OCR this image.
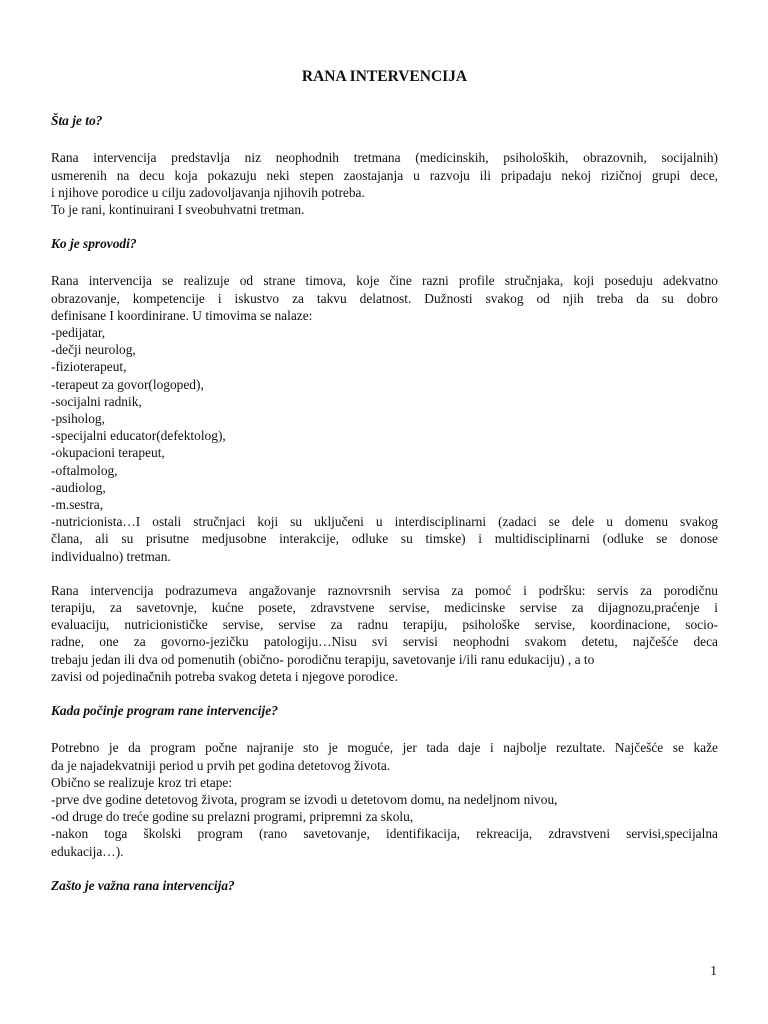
RANA INTERVENCIJA
Šta je to?
Rana intervencija predstavlja niz neophodnih tretmana (medicinskih, psiholoških, obrazovnih, socijalnih)
usmerenih na decu koja pokazuju neki stepen zaostajanja u razvoju ili pripadaju nekoj rizičnoj grupi dece,
i njihove porodice u cilju zadovoljavanja njihovih potreba.
To je rani, kontinuirani I sveobuhvatni tretman.
Ko je sprovodi?
Rana intervencija se realizuje od strane timova, koje čine razni profile stručnjaka, koji poseduju adekvatno
obrazovanje, kompetencije i iskustvo za takvu delatnost. Dužnosti svakog od njih treba da su dobro
definisane I koordinirane. U timovima se nalaze:
-pedijatar,
-dečji neurolog,
-fizioterapeut,
-terapeut za govor(logoped),
-socijalni radnik,
-psiholog,
-specijalni educator(defektolog),
-okupacioni terapeut,
-oftalmolog,
-audiolog,
-m.sestra,
-nutricionista…I ostali stručnjaci koji su uključeni u interdisciplinarni (zadaci se dele u domenu svakog
člana, ali su prisutne medjusobne interakcije, odluke su timske) i multidisciplinarni (odluke se donose
individualno) tretman.
Rana intervencija podrazumeva angažovanje raznovrsnih servisa za pomoć i podršku: servis za porodičnu
terapiju, za savetovnje, kućne posete, zdravstvene servise, medicinske servise za dijagnozu,praćenje i
evaluaciju, nutricionističke servise, servise za radnu terapiju, psihološke servise, koordinacione, socio-
radne, one za govorno-jezičku patologiju…Nisu svi servisi neophodni svakom detetu, najčešće deca
trebaju jedan ili dva od pomenutih (obično- porodičnu terapiju, savetovanje i/ili ranu edukaciju) , a to
zavisi od pojedinačnih potreba svakog deteta i njegove porodice.
Kada počinje program rane intervencije?
Potrebno je da program počne najranije sto je moguće, jer tada daje i najbolje rezultate. Najčešće se kaže
da je najadekvatniji period u prvih pet godina detetovog života.
Obično se realizuje kroz tri etape:
-prve dve godine detetovog života, program se izvodi u detetovom domu, na nedeljnom nivou,
-od druge do treće godine su prelazni programi, pripremni za skolu,
-nakon toga školski program (rano savetovanje, identifikacija, rekreacija, zdravstveni servisi,specijalna
edukacija…).
Zašto je važna rana intervencija?
1
